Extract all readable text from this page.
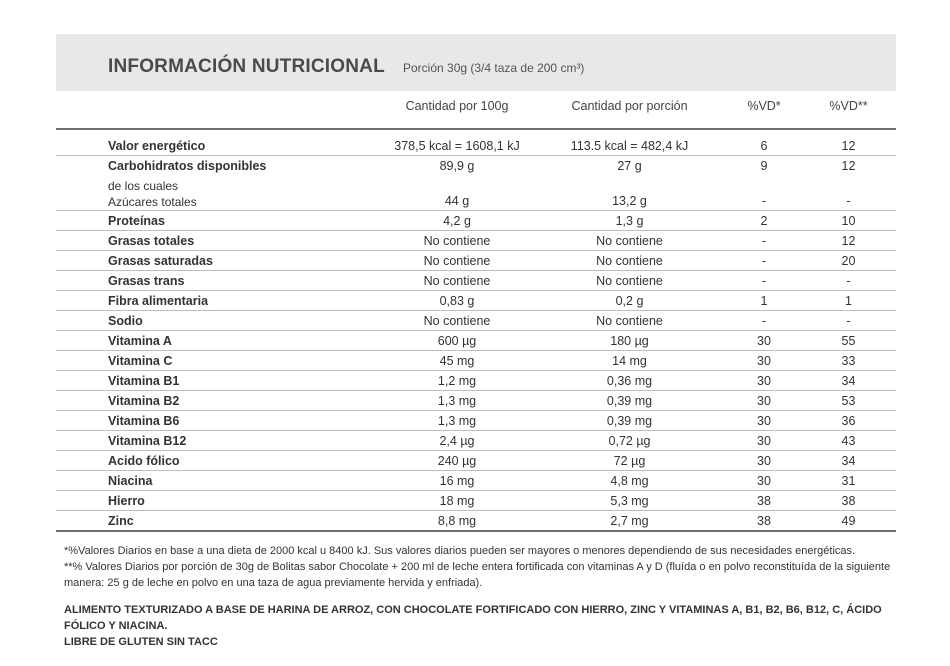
INFORMACIÓN NUTRICIONAL Porción 30g (3/4 taza de 200 cm³)
Cantidad por 100g	Cantidad por porción	%VD*	%VD**
Valor energético	378,5 kcal = 1608,1 kJ	113.5 kcal = 482,4 kJ	6	12
Carbohidratos disponibles	89,9 g	27 g	9	12

de los cuales
Azúcares totales	44 g	13,2 g	-	-
Proteínas	4,2 g	1,3 g	2	10
Grasas totales	No contiene	No contiene	-	12
Grasas saturadas	No contiene	No contiene	-	20
Grasas trans	No contiene	No contiene	-	-
Fibra alimentaria	0,83 g	0,2 g	1	1
Sodio	No contiene	No contiene	-	-
Vitamina A	600 µg	180 µg	30	55
Vitamina C	45 mg	14 mg	30	33
Vitamina B1	1,2 mg	0,36 mg	30	34
Vitamina B2	1,3 mg	0,39 mg	30	53
Vitamina B6	1,3 mg	0,39 mg	30	36
Vitamina B12	2,4 µg	0,72 µg	30	43
Acido fólico	240 µg	72 µg	30	34
Niacina	16 mg	4,8 mg	30	31
Hierro	18 mg	5,3 mg	38	38
Zinc	8,8 mg	2,7 mg	38	49

*%Valores Diarios en base a una dieta de 2000 kcal u 8400 kJ. Sus valores diarios pueden ser mayores o menores dependiendo de sus necesidades energéticas.

**% Valores Diarios por porción de 30g de Bolitas sabor Chocolate + 200 ml de leche entera fortificada con vitaminas A y D (fluída o en polvo reconstituída de la siguiente manera: 25 g de leche en polvo en una taza de agua previamente hervida y enfriada).

ALIMENTO TEXTURIZADO A BASE DE HARINA DE ARROZ, CON CHOCOLATE FORTIFICADO CON HIERRO, ZINC Y VITAMINAS A, B1, B2, B6, B12, C, ÁCIDO FÓLICO Y NIACINA.

LIBRE DE GLUTEN SIN TACC
